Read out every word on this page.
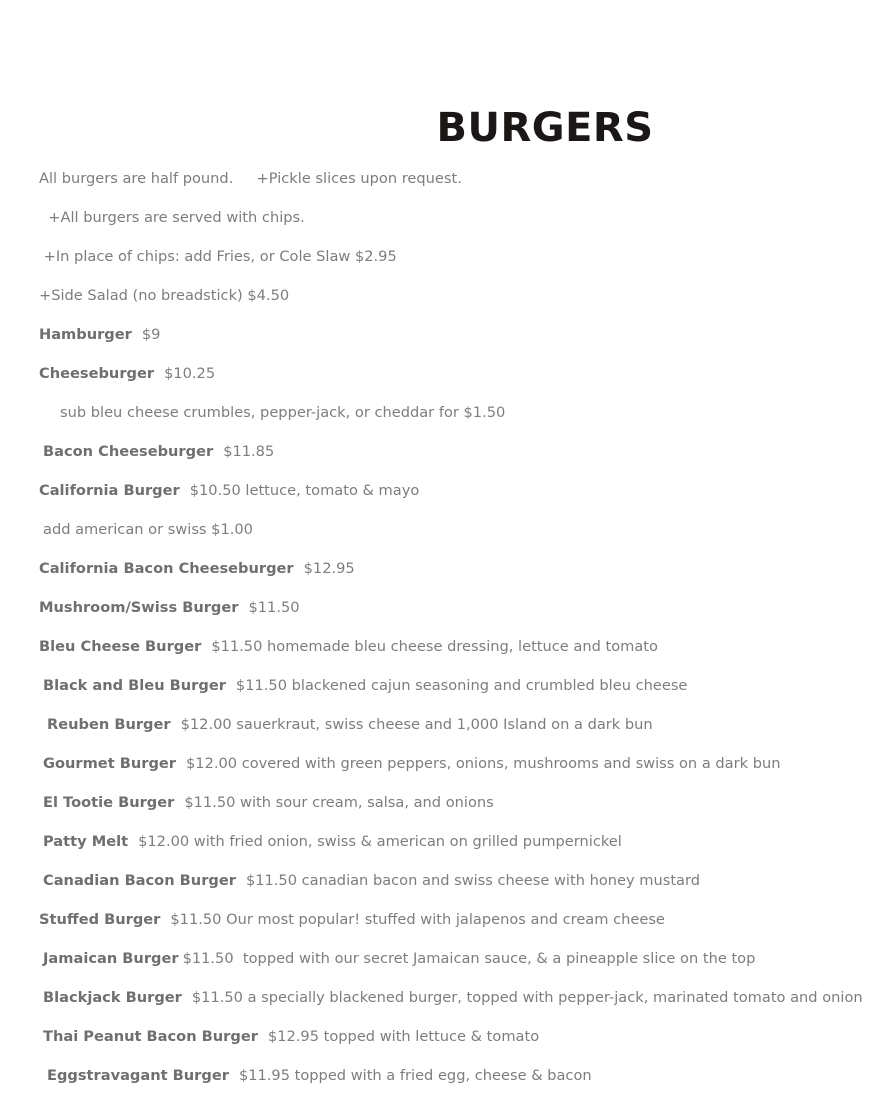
BURGERS
All burgers are half pound.     +Pickle slices upon request.
+All burgers are served with chips.
+In place of chips: add Fries, or Cole Slaw $2.95
+Side Salad (no breadstick) $4.50
Hamburger $9
Cheeseburger $10.25
sub bleu cheese crumbles, pepper-jack, or cheddar for $1.50
Bacon Cheeseburger $11.85
California Burger $10.50 lettuce, tomato & mayo
add american or swiss $1.00
California Bacon Cheeseburger $12.95
Mushroom/Swiss Burger $11.50
Bleu Cheese Burger $11.50 homemade bleu cheese dressing, lettuce and tomato
Black and Bleu Burger $11.50 blackened cajun seasoning and crumbled bleu cheese
Reuben Burger $12.00 sauerkraut, swiss cheese and 1,000 Island on a dark bun
Gourmet Burger $12.00 covered with green peppers, onions, mushrooms and swiss on a dark bun
El Tootie Burger $11.50 with sour cream, salsa, and onions
Patty Melt $12.00 with fried onion, swiss & american on grilled pumpernickel
Canadian Bacon Burger $11.50 canadian bacon and swiss cheese with honey mustard
Stuffed Burger $11.50 Our most popular! stuffed with jalapenos and cream cheese
Jamaican Burger $11.50  topped with our secret Jamaican sauce, & a pineapple slice on the top
Blackjack Burger $11.50 a specially blackened burger, topped with pepper-jack, marinated tomato and onion
Thai Peanut Bacon Burger $12.95 topped with lettuce & tomato
Eggstravagant Burger $11.95 topped with a fried egg, cheese & bacon
